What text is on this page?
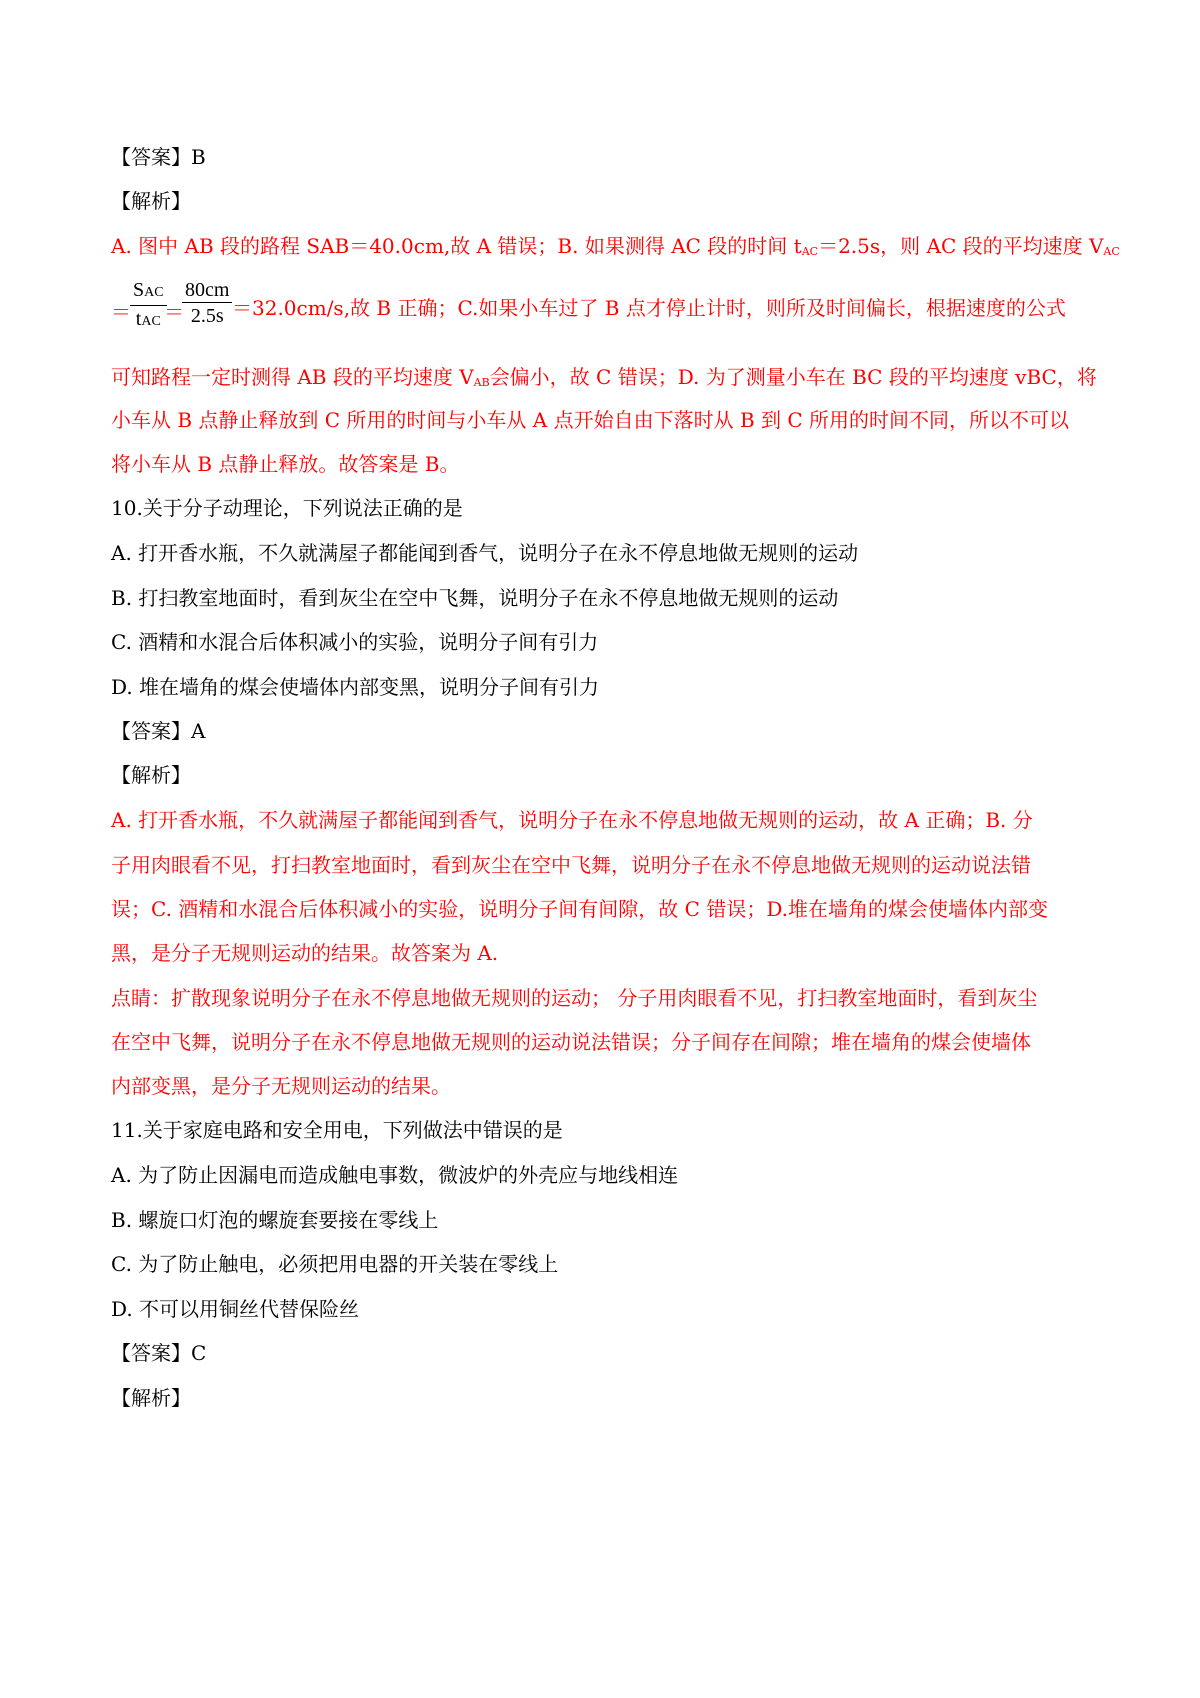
【答案】B
【解析】
A. 图中 AB 段的路程 SAB＝40.0cm,故 A 错误；B. 如果测得 AC 段的时间 tAC＝2.5s，则 AC 段的平均速度 VAC
＝
SAC
tAC ＝
$\frac{80cm}{2.5s} =32.0cm/s$,故 B 正确；C.如果小车过了 B 点才停止计时，则所及时间偏长，根据速度的公式
可知路程一定时测得 AB 段的平均速度 VAB会偏小，故 C 错误；D. 为了测量小车在 BC 段的平均速度 vBC，将
小车从 B 点静止释放到 C 所用的时间与小车从 A 点开始自由下落时从 B 到 C 所用的时间不同，所以不可以
将小车从 B 点静止释放。故答案是 B。
10.关于分子动理论，下列说法正确的是
A. 打开香水瓶，不久就满屋子都能闻到香气，说明分子在永不停息地做无规则的运动
B. 打扫教室地面时，看到灰尘在空中飞舞，说明分子在永不停息地做无规则的运动
C. 酒精和水混合后体积减小的实验，说明分子间有引力
D. 堆在墙角的煤会使墙体内部变黑，说明分子间有引力
【答案】A
【解析】
A. 打开香水瓶，不久就满屋子都能闻到香气，说明分子在永不停息地做无规则的运动，故 A 正确；B. 分
子用肉眼看不见，打扫教室地面时，看到灰尘在空中飞舞，说明分子在永不停息地做无规则的运动说法错
误；C. 酒精和水混合后体积减小的实验，说明分子间有间隙，故 C 错误；D.堆在墙角的煤会使墙体内部变
黑，是分子无规则运动的结果。故答案为 A.
点睛：扩散现象说明分子在永不停息地做无规则的运动； 分子用肉眼看不见，打扫教室地面时，看到灰尘
在空中飞舞，说明分子在永不停息地做无规则的运动说法错误；分子间存在间隙；堆在墙角的煤会使墙体
内部变黑，是分子无规则运动的结果。
11.关于家庭电路和安全用电，下列做法中错误的是
A. 为了防止因漏电而造成触电事数，微波炉的外壳应与地线相连
B. 螺旋口灯泡的螺旋套要接在零线上
C. 为了防止触电，必须把用电器的开关装在零线上
D. 不可以用铜丝代替保险丝
【答案】C
【解析】
